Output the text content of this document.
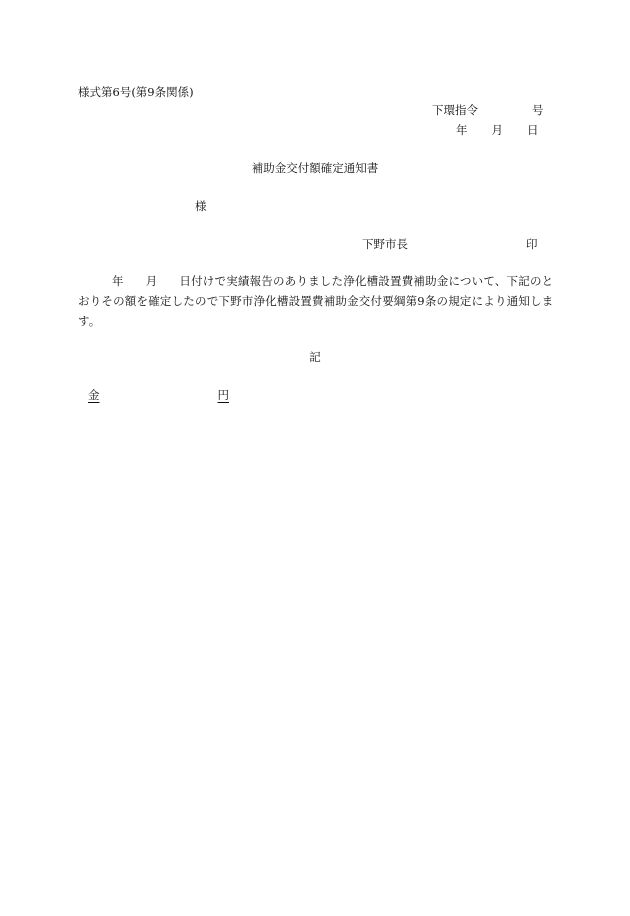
様式第6号(第9条関係)
下環指令	号
年 月 日
補助金交付額確定通知書
様
下野市長	印
年 月 日付けで実績報告のありました浄化槽設置費補助金について、下記のとおりその額を確定したので下野市浄化槽設置費補助金交付要綱第9条の規定により通知します。
記
金	円
